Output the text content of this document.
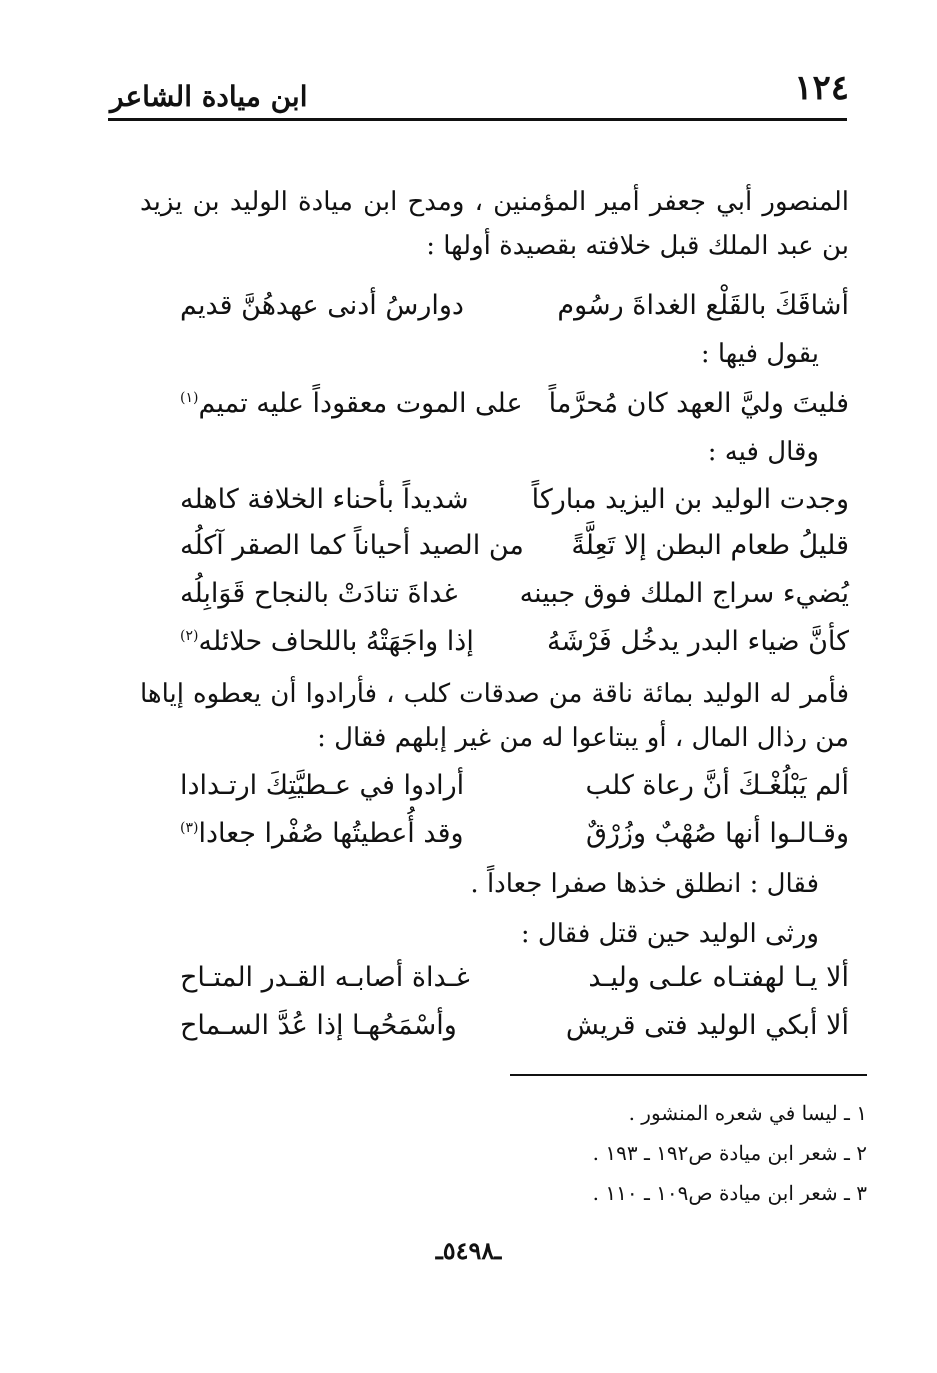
١٢٤
ابن ميادة الشاعر
المنصور أبي جعفر أمير المؤمنين ، ومدح ابن ميادة الوليد بن يزيد بن عبد الملك قبل خلافته بقصيدة أولها :
أشاقَكَ بالقَلْع الغداةَ رسُوم
دوارسُ أدنى عهدهُنَّ قديم
يقول فيها :
فليتَ وليَّ العهد كان مُحرَّماً
على الموت معقوداً عليه تميم$^{(١)}$
وقال فيه :
وجدت الوليد بن اليزيد مباركاً
شديداً بأحناء الخلافة كاهله
قليلُ طعام البطن إلا تَعِلَّةً
من الصيد أحياناً كما الصقر آكلُه
يُضيء سراج الملك فوق جبينه
غداةَ تنادَتْ بالنجاح قَوَابِلُه
كأنَّ ضياء البدر يدخُل فَرْشَهُ
إذا واجَهَتْهُ باللحاف حلائله$^{(٢)}$
فأمر له الوليد بمائة ناقة من صدقات كلب ، فأرادوا أن يعطوه إياها من رذال المال ، أو يبتاعوا له من غير إبلهم فقال :
ألم يَبْلُغْـكَ أنَّ رعاة كلب
أرادوا في عـطيَّتِكَ ارتـدادا
وقـالـوا أنها صُهْبٌ وزُرْقٌ
وقد أُعطيتُها صُفْرا جعادا$^{(٣)}$
فقال : انطلق خذها صفرا جعاداً .
ورثى الوليد حين قتل فقال :
ألا يـا لهفتـاه علـى وليـد
غـداة أصابـه القـدر المتـاح
ألا أبكي الوليد فتى قريش
وأسْمَحُهـا إذا عُدَّ السـماح
١ ـ ليسا في شعره المنشور .
٢ ـ شعر ابن ميادة ص١٩٢ ـ ١٩٣ .
٣ ـ شعر ابن ميادة ص١٠٩ ـ ١١٠ .
ـ٥٤٩٨ـ
